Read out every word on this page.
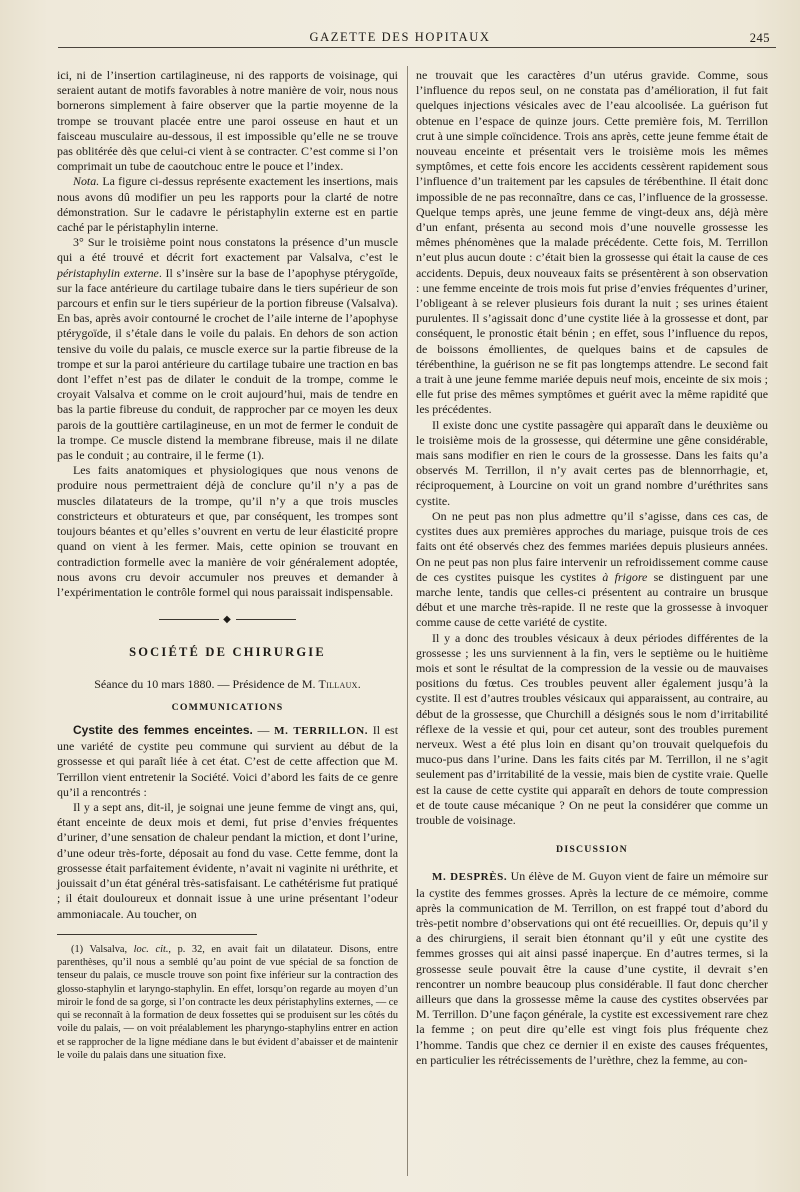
GAZETTE DES HOPITAUX	245

ici, ni de l’insertion cartilagineuse, ni des rapports de voisinage, qui seraient autant de motifs favorables à notre manière de voir, nous nous bornerons simplement à faire observer que la partie moyenne de la trompe se trouvant placée entre une paroi osseuse en haut et un faisceau musculaire au-dessous, il est impossible qu’elle ne se trouve pas oblitérée dès que celui-ci vient à se contracter. C’est comme si l’on comprimait un tube de caoutchouc entre le pouce et l’index.

Nota. La figure ci-dessus représente exactement les insertions, mais nous avons dû modifier un peu les rapports pour la clarté de notre démonstration. Sur le cadavre le péristaphylin externe est en partie caché par le péristaphylin interne.

3° Sur le troisième point nous constatons la présence d’un muscle qui a été trouvé et décrit fort exactement par Valsalva, c’est le péristaphylin externe. Il s’insère sur la base de l’apophyse ptérygoïde, sur la face antérieure du cartilage tubaire dans le tiers supérieur de son parcours et enfin sur le tiers supérieur de la portion fibreuse (Valsalva). En bas, après avoir contourné le crochet de l’aile interne de l’apophyse ptérygoïde, il s’étale dans le voile du palais. En dehors de son action tensive du voile du palais, ce muscle exerce sur la partie fibreuse de la trompe et sur la paroi antérieure du cartilage tubaire une traction en bas dont l’effet n’est pas de dilater le conduit de la trompe, comme le croyait Valsalva et comme on le croit aujourd’hui, mais de tendre en bas la partie fibreuse du conduit, de rapprocher par ce moyen les deux parois de la gouttière cartilagineuse, en un mot de fermer le conduit de la trompe. Ce muscle distend la membrane fibreuse, mais il ne dilate pas le conduit ; au contraire, il le ferme (1).

Les faits anatomiques et physiologiques que nous venons de produire nous permettraient déjà de conclure qu’il n’y a pas de muscles dilatateurs de la trompe, qu’il n’y a que trois muscles constricteurs et obturateurs et que, par conséquent, les trompes sont toujours béantes et qu’elles s’ouvrent en vertu de leur élasticité propre quand on vient à les fermer. Mais, cette opinion se trouvant en contradiction formelle avec la manière de voir généralement adoptée, nous avons cru devoir accumuler nos preuves et demander à l’expérimentation le contrôle formel qui nous paraissait indispensable.

◆
SOCIÉTÉ DE CHIRURGIE
Séance du 10 mars 1880. — Présidence de M. Tillaux.
COMMUNICATIONS

Cystite des femmes enceintes. — M. TERRILLON. Il est une variété de cystite peu commune qui survient au début de la grossesse et qui paraît liée à cet état. C’est de cette affection que M. Terrillon vient entretenir la Société. Voici d’abord les faits de ce genre qu’il a rencontrés :

Il y a sept ans, dit-il, je soignai une jeune femme de vingt ans, qui, étant enceinte de deux mois et demi, fut prise d’envies fréquentes d’uriner, d’une sensation de chaleur pendant la miction, et dont l’urine, d’une odeur très-forte, déposait au fond du vase. Cette femme, dont la grossesse était parfaitement évidente, n’avait ni vaginite ni uréthrite, et jouissait d’un état général très-satisfaisant. Le cathétérisme fut pratiqué ; il était douloureux et donnait issue à une urine présentant l’odeur ammoniacale. Au toucher, on

(1) Valsalva, loc. cit., p. 32, en avait fait un dilatateur. Disons, entre parenthèses, qu’il nous a semblé qu’au point de vue spécial de sa fonction de tenseur du palais, ce muscle trouve son point fixe inférieur sur la contraction des glosso-staphylin et laryngo-staphylin. En effet, lorsqu’on regarde au moyen d’un miroir le fond de sa gorge, si l’on contracte les deux péristaphylins externes, — ce qui se reconnaît à la formation de deux fossettes qui se produisent sur les côtés du voile du palais, — on voit préalablement les pharyngo-staphylins entrer en action et se rapprocher de la ligne médiane dans le but évident d’abaisser et de maintenir le voile du palais dans une situation fixe.

ne trouvait que les caractères d’un utérus gravide. Comme, sous l’influence du repos seul, on ne constata pas d’amélioration, il fut fait quelques injections vésicales avec de l’eau alcoolisée. La guérison fut obtenue en l’espace de quinze jours. Cette première fois, M. Terrillon crut à une simple coïncidence. Trois ans après, cette jeune femme était de nouveau enceinte et présentait vers le troisième mois les mêmes symptômes, et cette fois encore les accidents cessèrent rapidement sous l’influence d’un traitement par les capsules de térébenthine. Il était donc impossible de ne pas reconnaître, dans ce cas, l’influence de la grossesse. Quelque temps après, une jeune femme de vingt-deux ans, déjà mère d’un enfant, présenta au second mois d’une nouvelle grossesse les mêmes phénomènes que la malade précédente. Cette fois, M. Terrillon n’eut plus aucun doute : c’était bien la grossesse qui était la cause de ces accidents. Depuis, deux nouveaux faits se présentèrent à son observation : une femme enceinte de trois mois fut prise d’envies fréquentes d’uriner, l’obligeant à se relever plusieurs fois durant la nuit ; ses urines étaient purulentes. Il s’agissait donc d’une cystite liée à la grossesse et dont, par conséquent, le pronostic était bénin ; en effet, sous l’influence du repos, de boissons émollientes, de quelques bains et de capsules de térébenthine, la guérison ne se fit pas longtemps attendre. Le second fait a trait à une jeune femme mariée depuis neuf mois, enceinte de six mois ; elle fut prise des mêmes symptômes et guérit avec la même rapidité que les précédentes.

Il existe donc une cystite passagère qui apparaît dans le deuxième ou le troisième mois de la grossesse, qui détermine une gêne considérable, mais sans modifier en rien le cours de la grossesse. Dans les faits qu’a observés M. Terrillon, il n’y avait certes pas de blennorrhagie, et, réciproquement, à Lourcine on voit un grand nombre d’uréthrites sans cystite.

On ne peut pas non plus admettre qu’il s’agisse, dans ces cas, de cystites dues aux premières approches du mariage, puisque trois de ces faits ont été observés chez des femmes mariées depuis plusieurs années. On ne peut pas non plus faire intervenir un refroidissement comme cause de ces cystites puisque les cystites à frigore se distinguent par une marche lente, tandis que celles-ci présentent au contraire un brusque début et une marche très-rapide. Il ne reste que la grossesse à invoquer comme cause de cette variété de cystite.

Il y a donc des troubles vésicaux à deux périodes différentes de la grossesse ; les uns surviennent à la fin, vers le septième ou le huitième mois et sont le résultat de la compression de la vessie ou de mauvaises positions du fœtus. Ces troubles peuvent aller également jusqu’à la cystite. Il est d’autres troubles vésicaux qui apparaissent, au contraire, au début de la grossesse, que Churchill a désignés sous le nom d’irritabilité réflexe de la vessie et qui, pour cet auteur, sont des troubles purement nerveux. West a été plus loin en disant qu’on trouvait quelquefois du muco-pus dans l’urine. Dans les faits cités par M. Terrillon, il ne s’agit seulement pas d’irritabilité de la vessie, mais bien de cystite vraie. Quelle est la cause de cette cystite qui apparaît en dehors de toute compression et de toute cause mécanique ? On ne peut la considérer que comme un trouble de voisinage.

DISCUSSION

M. DESPRÈS. Un élève de M. Guyon vient de faire un mémoire sur la cystite des femmes grosses. Après la lecture de ce mémoire, comme après la communication de M. Terrillon, on est frappé tout d’abord du très-petit nombre d’observations qui ont été recueillies. Or, depuis qu’il y a des chirurgiens, il serait bien étonnant qu’il y eût une cystite des femmes grosses qui ait ainsi passé inaperçue. En d’autres termes, si la grossesse seule pouvait être la cause d’une cystite, il devrait s’en rencontrer un nombre beaucoup plus considérable. Il faut donc chercher ailleurs que dans la grossesse même la cause des cystites observées par M. Terrillon. D’une façon générale, la cystite est excessivement rare chez la femme ; on peut dire qu’elle est vingt fois plus fréquente chez l’homme. Tandis que chez ce dernier il en existe des causes fréquentes, en particulier les rétrécissements de l’urèthre, chez la femme, au con-
